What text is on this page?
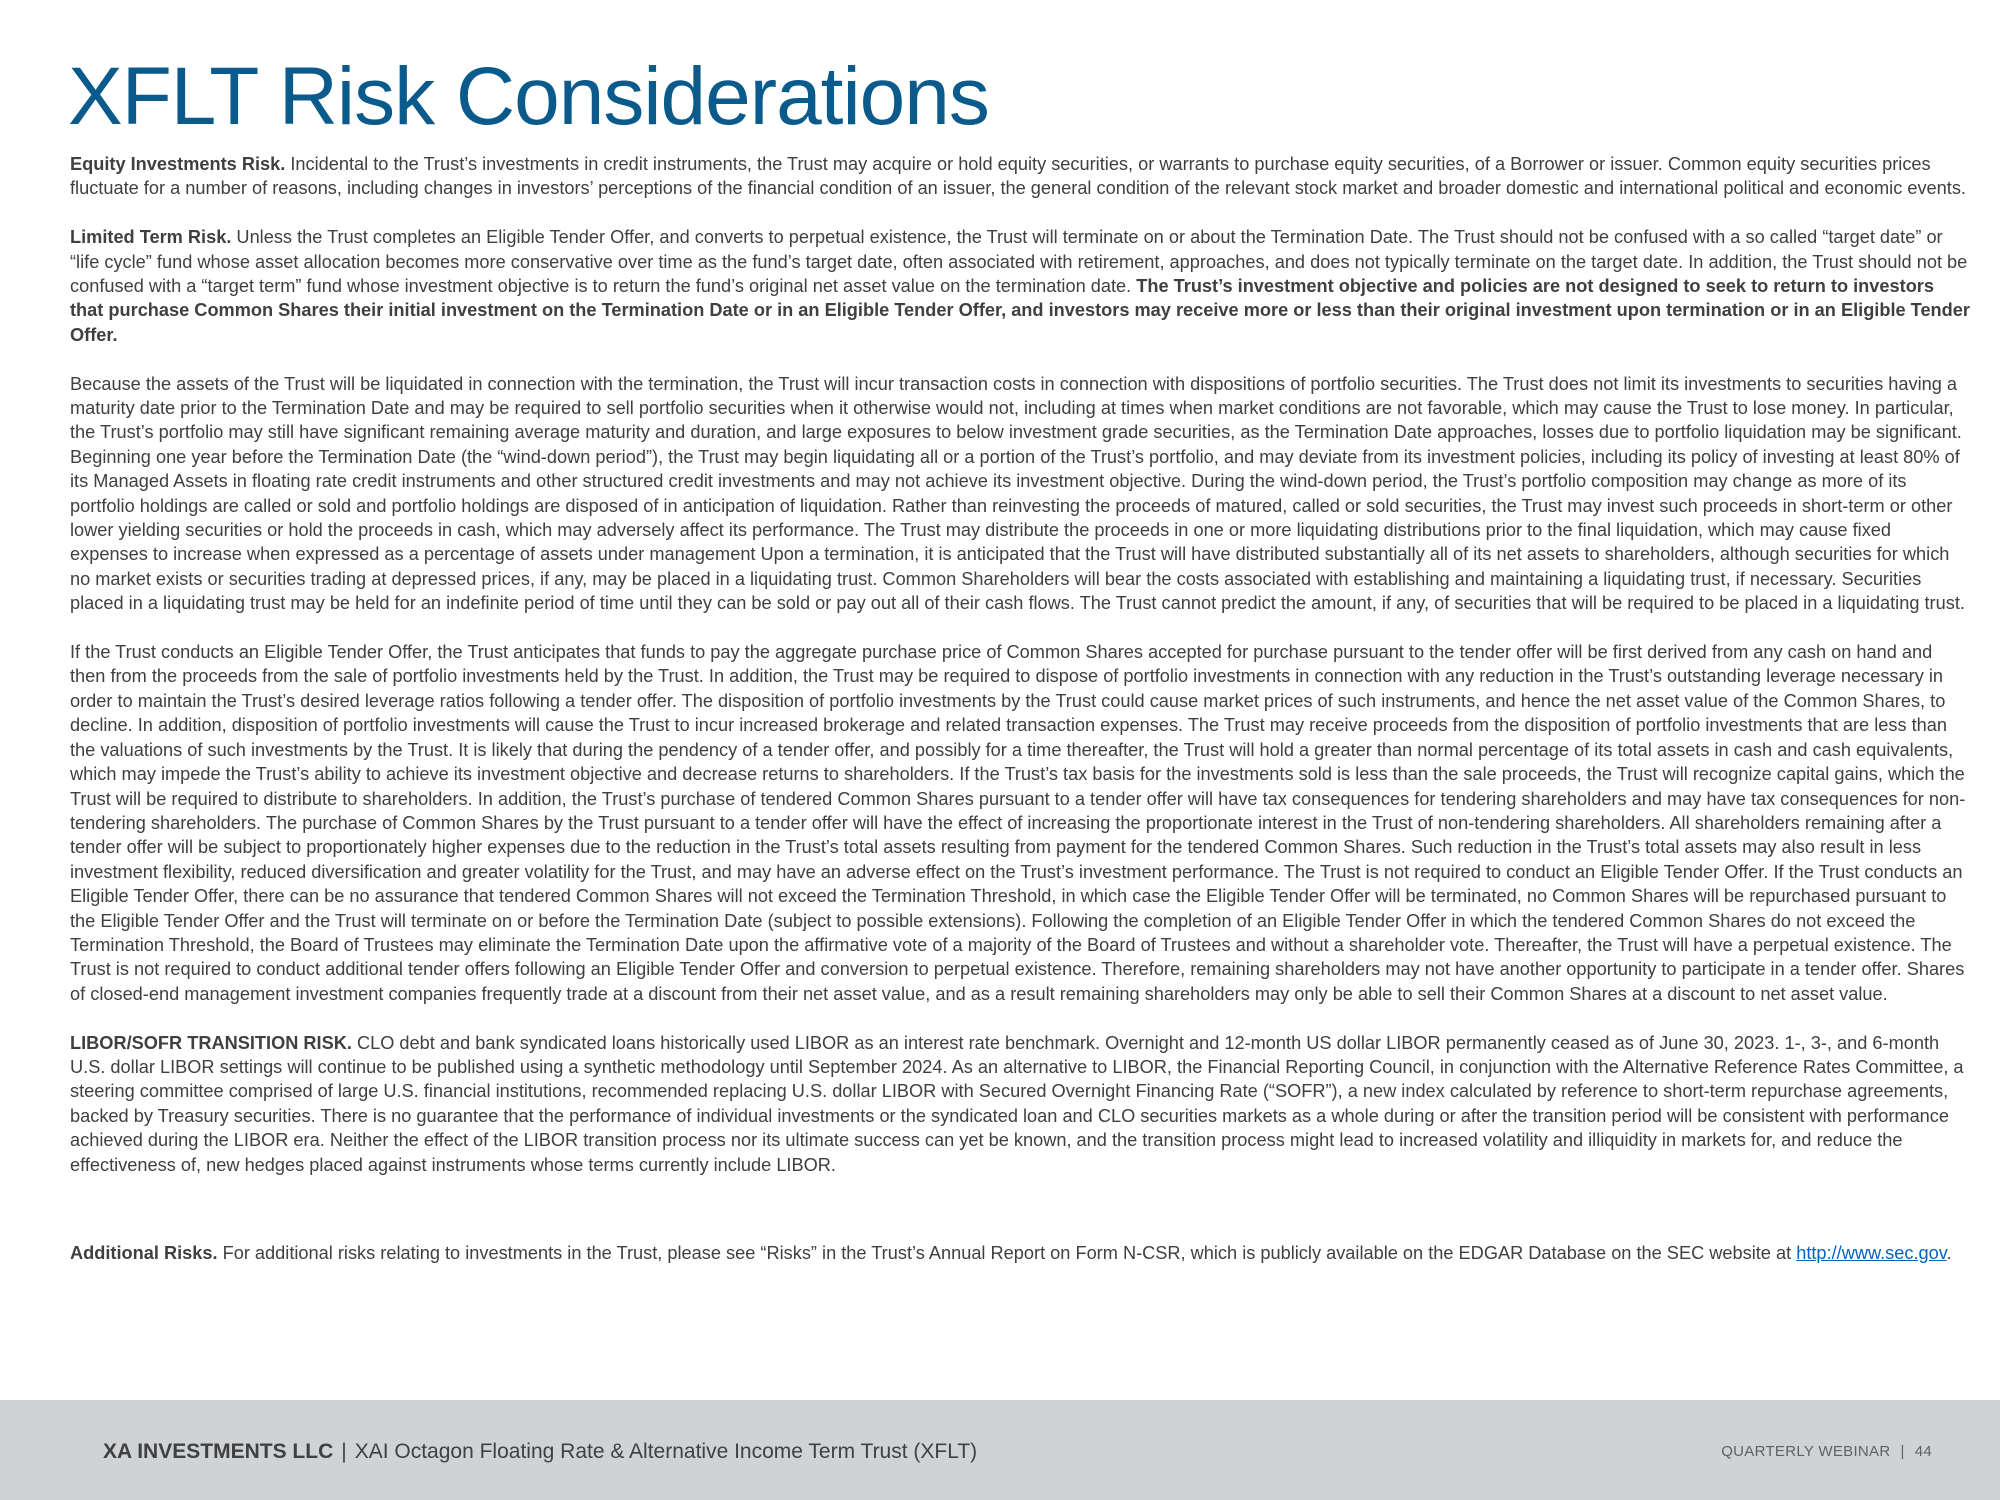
XFLT Risk Considerations

Equity Investments Risk. Incidental to the Trust’s investments in credit instruments, the Trust may acquire or hold equity securities, or warrants to purchase equity securities, of a Borrower or issuer. Common equity securities prices fluctuate for a number of reasons, including changes in investors’ perceptions of the financial condition of an issuer, the general condition of the relevant stock market and broader domestic and international political and economic events.

Limited Term Risk. Unless the Trust completes an Eligible Tender Offer, and converts to perpetual existence, the Trust will terminate on or about the Termination Date. The Trust should not be confused with a so called “target date” or “life cycle” fund whose asset allocation becomes more conservative over time as the fund’s target date, often associated with retirement, approaches, and does not typically terminate on the target date. In addition, the Trust should not be confused with a “target term” fund whose investment objective is to return the fund’s original net asset value on the termination date. The Trust’s investment objective and policies are not designed to seek to return to investors that purchase Common Shares their initial investment on the Termination Date or in an Eligible Tender Offer, and investors may receive more or less than their original investment upon termination or in an Eligible Tender Offer.

Because the assets of the Trust will be liquidated in connection with the termination, the Trust will incur transaction costs in connection with dispositions of portfolio securities. The Trust does not limit its investments to securities having a maturity date prior to the Termination Date and may be required to sell portfolio securities when it otherwise would not, including at times when market conditions are not favorable, which may cause the Trust to lose money. In particular, the Trust’s portfolio may still have significant remaining average maturity and duration, and large exposures to below investment grade securities, as the Termination Date approaches, losses due to portfolio liquidation may be significant. Beginning one year before the Termination Date (the “wind-down period”), the Trust may begin liquidating all or a portion of the Trust’s portfolio, and may deviate from its investment policies, including its policy of investing at least 80% of its Managed Assets in floating rate credit instruments and other structured credit investments and may not achieve its investment objective. During the wind-down period, the Trust’s portfolio composition may change as more of its portfolio holdings are called or sold and portfolio holdings are disposed of in anticipation of liquidation. Rather than reinvesting the proceeds of matured, called or sold securities, the Trust may invest such proceeds in short-term or other lower yielding securities or hold the proceeds in cash, which may adversely affect its performance. The Trust may distribute the proceeds in one or more liquidating distributions prior to the final liquidation, which may cause fixed expenses to increase when expressed as a percentage of assets under management Upon a termination, it is anticipated that the Trust will have distributed substantially all of its net assets to shareholders, although securities for which no market exists or securities trading at depressed prices, if any, may be placed in a liquidating trust. Common Shareholders will bear the costs associated with establishing and maintaining a liquidating trust, if necessary. Securities placed in a liquidating trust may be held for an indefinite period of time until they can be sold or pay out all of their cash flows. The Trust cannot predict the amount, if any, of securities that will be required to be placed in a liquidating trust.

If the Trust conducts an Eligible Tender Offer, the Trust anticipates that funds to pay the aggregate purchase price of Common Shares accepted for purchase pursuant to the tender offer will be first derived from any cash on hand and then from the proceeds from the sale of portfolio investments held by the Trust. In addition, the Trust may be required to dispose of portfolio investments in connection with any reduction in the Trust’s outstanding leverage necessary in order to maintain the Trust’s desired leverage ratios following a tender offer. The disposition of portfolio investments by the Trust could cause market prices of such instruments, and hence the net asset value of the Common Shares, to decline. In addition, disposition of portfolio investments will cause the Trust to incur increased brokerage and related transaction expenses. The Trust may receive proceeds from the disposition of portfolio investments that are less than the valuations of such investments by the Trust. It is likely that during the pendency of a tender offer, and possibly for a time thereafter, the Trust will hold a greater than normal percentage of its total assets in cash and cash equivalents, which may impede the Trust’s ability to achieve its investment objective and decrease returns to shareholders. If the Trust’s tax basis for the investments sold is less than the sale proceeds, the Trust will recognize capital gains, which the Trust will be required to distribute to shareholders. In addition, the Trust’s purchase of tendered Common Shares pursuant to a tender offer will have tax consequences for tendering shareholders and may have tax consequences for non-tendering shareholders. The purchase of Common Shares by the Trust pursuant to a tender offer will have the effect of increasing the proportionate interest in the Trust of non-tendering shareholders. All shareholders remaining after a tender offer will be subject to proportionately higher expenses due to the reduction in the Trust’s total assets resulting from payment for the tendered Common Shares. Such reduction in the Trust’s total assets may also result in less investment flexibility, reduced diversification and greater volatility for the Trust, and may have an adverse effect on the Trust’s investment performance. The Trust is not required to conduct an Eligible Tender Offer. If the Trust conducts an Eligible Tender Offer, there can be no assurance that tendered Common Shares will not exceed the Termination Threshold, in which case the Eligible Tender Offer will be terminated, no Common Shares will be repurchased pursuant to the Eligible Tender Offer and the Trust will terminate on or before the Termination Date (subject to possible extensions). Following the completion of an Eligible Tender Offer in which the tendered Common Shares do not exceed the Termination Threshold, the Board of Trustees may eliminate the Termination Date upon the affirmative vote of a majority of the Board of Trustees and without a shareholder vote. Thereafter, the Trust will have a perpetual existence. The Trust is not required to conduct additional tender offers following an Eligible Tender Offer and conversion to perpetual existence. Therefore, remaining shareholders may not have another opportunity to participate in a tender offer. Shares of closed-end management investment companies frequently trade at a discount from their net asset value, and as a result remaining shareholders may only be able to sell their Common Shares at a discount to net asset value.

LIBOR/SOFR TRANSITION RISK. CLO debt and bank syndicated loans historically used LIBOR as an interest rate benchmark. Overnight and 12-month US dollar LIBOR permanently ceased as of June 30, 2023. 1-, 3-, and 6-month U.S. dollar LIBOR settings will continue to be published using a synthetic methodology until September 2024. As an alternative to LIBOR, the Financial Reporting Council, in conjunction with the Alternative Reference Rates Committee, a steering committee comprised of large U.S. financial institutions, recommended replacing U.S. dollar LIBOR with Secured Overnight Financing Rate (“SOFR”), a new index calculated by reference to short-term repurchase agreements, backed by Treasury securities. There is no guarantee that the performance of individual investments or the syndicated loan and CLO securities markets as a whole during or after the transition period will be consistent with performance achieved during the LIBOR era. Neither the effect of the LIBOR transition process nor its ultimate success can yet be known, and the transition process might lead to increased volatility and illiquidity in markets for, and reduce the effectiveness of, new hedges placed against instruments whose terms currently include LIBOR.

Additional Risks. For additional risks relating to investments in the Trust, please see “Risks” in the Trust’s Annual Report on Form N-CSR, which is publicly available on the EDGAR Database on the SEC website at http://www.sec.gov.

XA INVESTMENTS LLC | XAI Octagon Floating Rate & Alternative Income Term Trust (XFLT)	QUARTERLY WEBINAR | 44
